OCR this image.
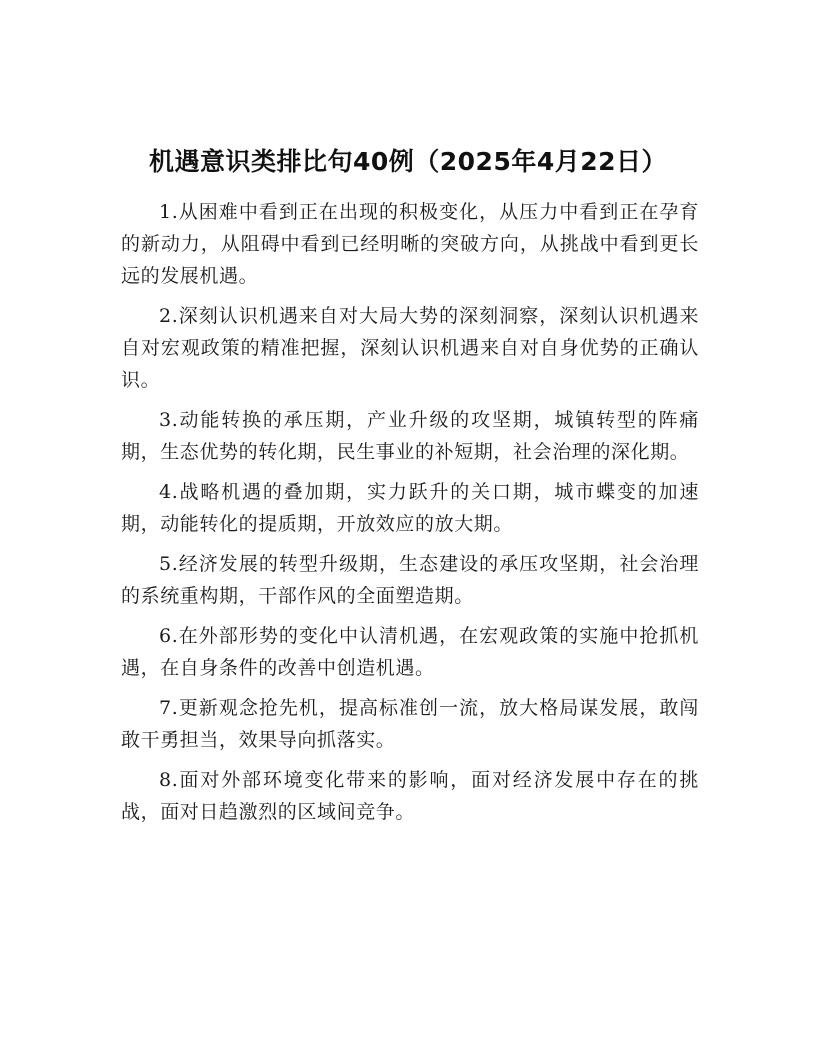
机遇意识类排比句40例（2025年4月22日）

1.从困难中看到正在出现的积极变化，从压力中看到正在孕育的新动力，从阻碍中看到已经明晰的突破方向，从挑战中看到更长远的发展机遇。

2.深刻认识机遇来自对大局大势的深刻洞察，深刻认识机遇来自对宏观政策的精准把握，深刻认识机遇来自对自身优势的正确认识。

3.动能转换的承压期，产业升级的攻坚期，城镇转型的阵痛期，生态优势的转化期，民生事业的补短期，社会治理的深化期。

4.战略机遇的叠加期，实力跃升的关口期，城市蝶变的加速期，动能转化的提质期，开放效应的放大期。

5.经济发展的转型升级期，生态建设的承压攻坚期，社会治理的系统重构期，干部作风的全面塑造期。

6.在外部形势的变化中认清机遇，在宏观政策的实施中抢抓机遇，在自身条件的改善中创造机遇。

7.更新观念抢先机，提高标准创一流，放大格局谋发展，敢闯敢干勇担当，效果导向抓落实。

8.面对外部环境变化带来的影响，面对经济发展中存在的挑战，面对日趋激烈的区域间竞争。
